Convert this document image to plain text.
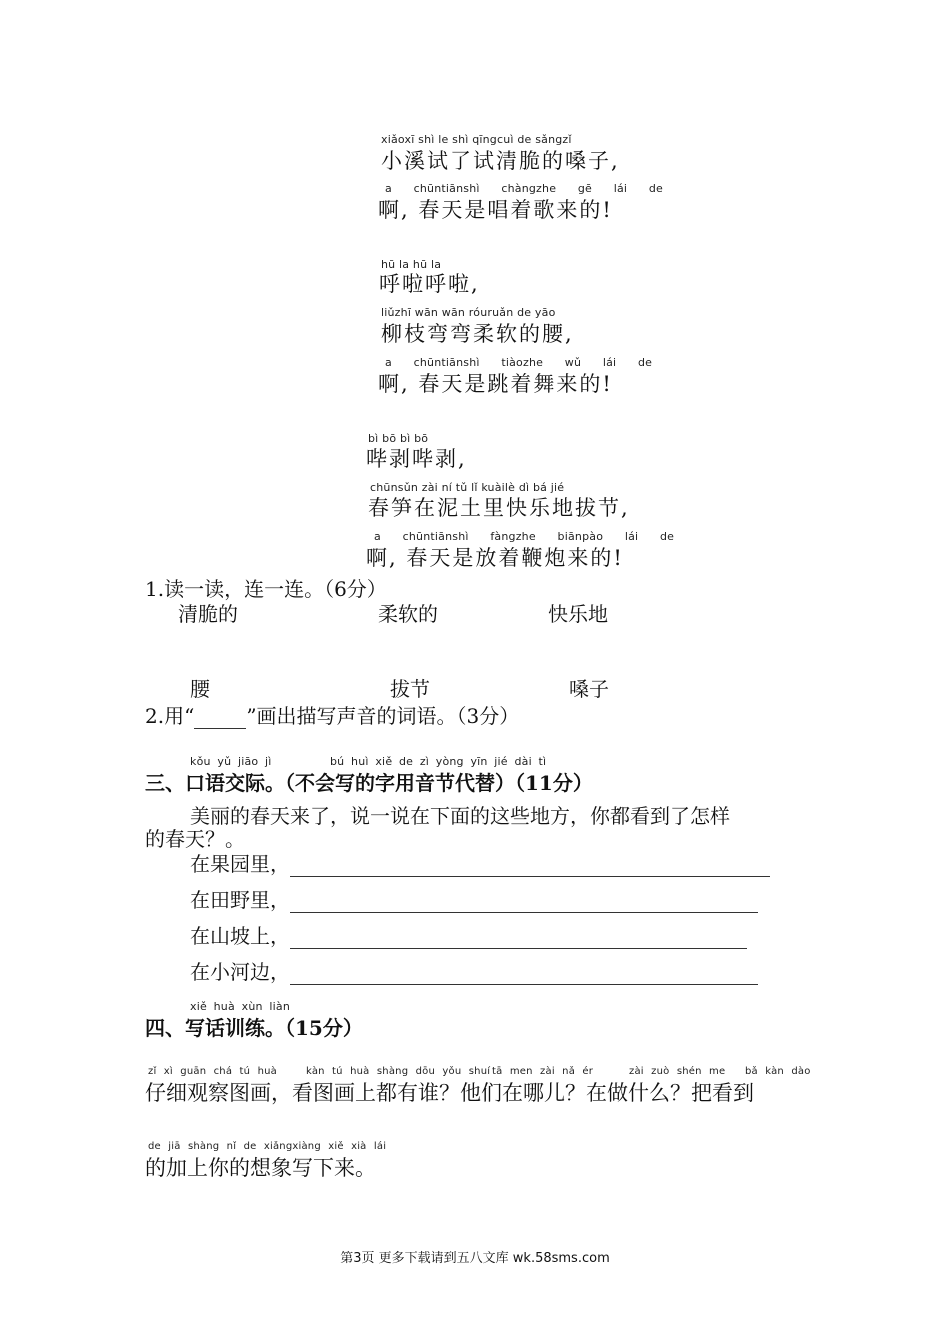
xiǎoxī shì le shì qīngcuì de sǎngzǐ
小溪试了试清脆的嗓子,
a chūntiānshì chàngzhe gē lái de
啊, 春天是唱着歌来的!
hū la hū la
呼啦呼啦,
liǔzhī wān wān róuruǎn de yāo
柳枝弯弯柔软的腰,
a chūntiānshì tiàozhe wǔ lái de
啊, 春天是跳着舞来的!
bì bō bì bō
哔剥哔剥,
chūnsǔn zài ní tǔ lǐ kuàilè dì bá jié
春笋在泥土里快乐地拔节,
a chūntiānshì fàngzhe biānpào lái de
啊, 春天是放着鞭炮来的!
1.读一读，连一连。（6分）
清脆的	柔软的	快乐地
腰	拔节	嗓子
2.用“	”画出描写声音的词语。（3分）
kǒu yǔ jiāo jì	bú huì xiě de zì yòng yīn jié dài tì
三、口语交际。（不会写的字用音节代替）（11分）
美丽的春天来了，说一说在下面的这些地方，你都看到了怎样
的春天？。
在果园里，
在田野里，
在山坡上，
在小河边，
xiě huà xùn liàn
四、写话训练。（15分）
zǐ xì guān chá tú huà	kàn tú huà shàng dōu yǒu shuí tā men zài nǎ ér	zài zuò shén me bǎ kàn dào
仔细观察图画，看图画上都有谁？他们在哪儿？在做什么？把看到
de jiā shàng nǐ de xiǎngxiàng xiě xià lái
的加上你的想象写下来。
第3页 更多下载请到五八文库 wk.58sms.com
